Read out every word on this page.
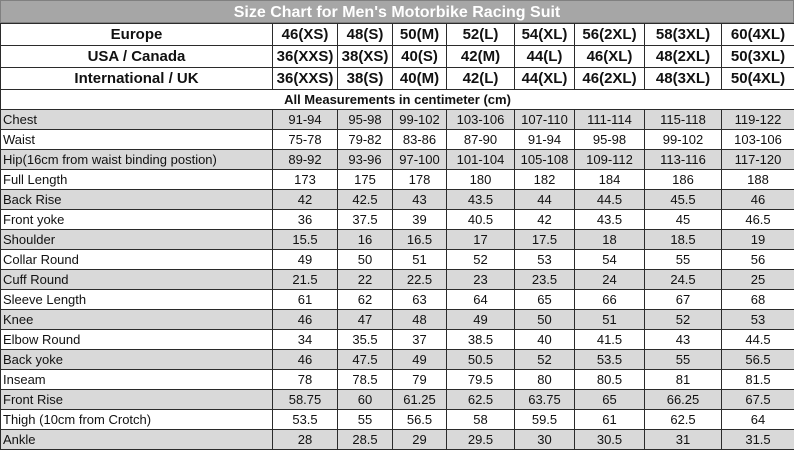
Size Chart for Men's Motorbike Racing Suit
Europe	46(XS)	48(S)	50(M)	52(L)	54(XL)	56(2XL)	58(3XL)	60(4XL)
USA / Canada	36(XXS)	38(XS)	40(S)	42(M)	44(L)	46(XL)	48(2XL)	50(3XL)
International / UK	36(XXS)	38(S)	40(M)	42(L)	44(XL)	46(2XL)	48(3XL)	50(4XL)
All Measurements in centimeter (cm)								
Chest	91-94	95-98	99-102	103-106	107-110	111-114	115-118	119-122
Waist	75-78	79-82	83-86	87-90	91-94	95-98	99-102	103-106
Hip(16cm from waist binding postion)	89-92	93-96	97-100	101-104	105-108	109-112	113-116	117-120
Full Length	173	175	178	180	182	184	186	188
Back Rise	42	42.5	43	43.5	44	44.5	45.5	46
Front yoke	36	37.5	39	40.5	42	43.5	45	46.5
Shoulder	15.5	16	16.5	17	17.5	18	18.5	19
Collar Round	49	50	51	52	53	54	55	56
Cuff Round	21.5	22	22.5	23	23.5	24	24.5	25
Sleeve Length	61	62	63	64	65	66	67	68
Knee	46	47	48	49	50	51	52	53
Elbow Round	34	35.5	37	38.5	40	41.5	43	44.5
Back yoke	46	47.5	49	50.5	52	53.5	55	56.5
Inseam	78	78.5	79	79.5	80	80.5	81	81.5
Front Rise	58.75	60	61.25	62.5	63.75	65	66.25	67.5
Thigh (10cm from Crotch)	53.5	55	56.5	58	59.5	61	62.5	64
Ankle	28	28.5	29	29.5	30	30.5	31	31.5
